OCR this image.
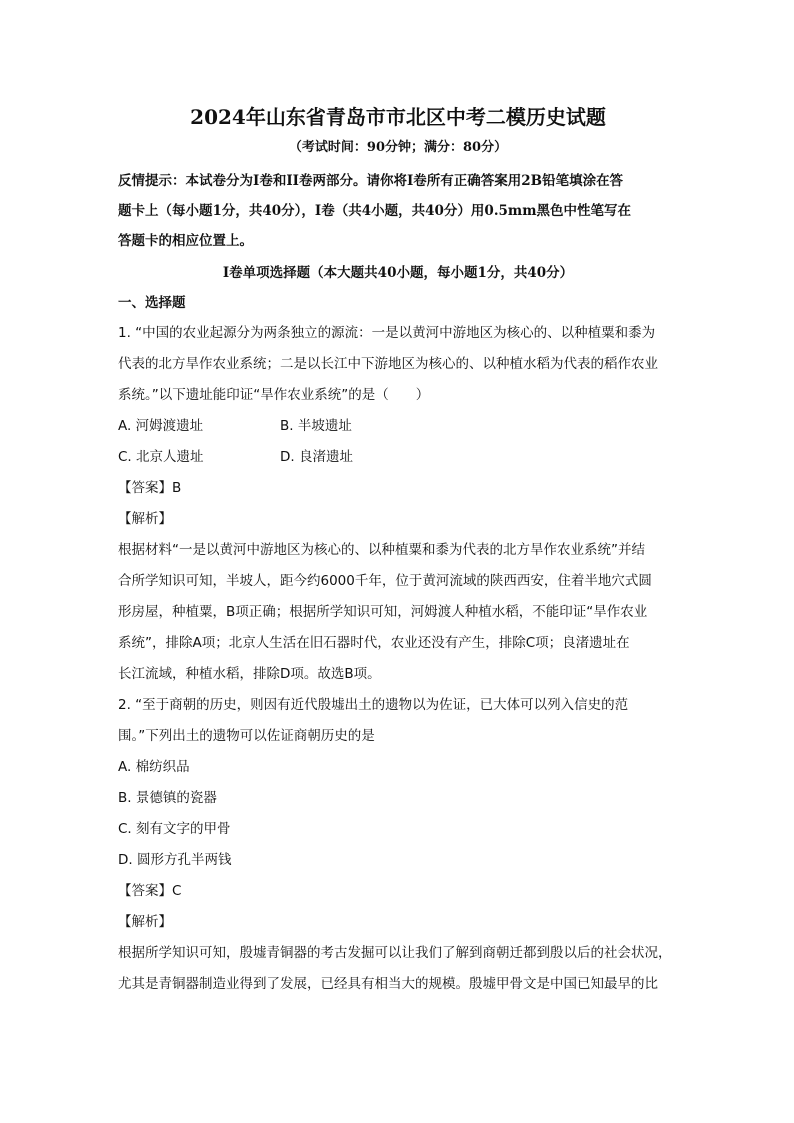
2024年山东省青岛市市北区中考二模历史试题

（考试时间：90分钟；满分：80分）

反情提示：本试卷分为Ⅰ卷和II卷两部分。请你将Ⅰ卷所有正确答案用2B铅笔填涂在答

题卡上（每小题1分，共40分），Ⅰ卷（共4小题，共40分）用0.5mm黑色中性笔写在

答题卡的相应位置上。

Ⅰ卷单项选择题（本大题共40小题，每小题1分，共40分）

一、选择题

1. “中国的农业起源分为两条独立的源流：一是以黄河中游地区为核心的、以种植粟和黍为

代表的北方旱作农业系统；二是以长江中下游地区为核心的、以种植水稻为代表的稻作农业

系统。”以下遗址能印证“旱作农业系统”的是（　　）

A. 河姆渡遗址	B. 半坡遗址
C. 北京人遗址	D. 良渚遗址

【答案】B

【解析】

根据材料“一是以黄河中游地区为核心的、以种植粟和黍为代表的北方旱作农业系统”并结

合所学知识可知，半坡人，距今约6000千年，位于黄河流域的陕西西安，住着半地穴式圆

形房屋，种植粟，B项正确；根据所学知识可知，河姆渡人种植水稻，不能印证“旱作农业

系统”，排除A项；北京人生活在旧石器时代，农业还没有产生，排除C项；良渚遗址在

长江流域，种植水稻，排除D项。故选B项。

2. “至于商朝的历史，则因有近代殷墟出土的遗物以为佐证，已大体可以列入信史的范

围。”下列出土的遗物可以佐证商朝历史的是

A. 棉纺织品

B. 景德镇的瓷器

C. 刻有文字的甲骨

D. 圆形方孔半两钱

【答案】C

【解析】

根据所学知识可知，殷墟青铜器的考古发掘可以让我们了解到商朝迁都到殷以后的社会状况，

尤其是青铜器制造业得到了发展，已经具有相当大的规模。殷墟甲骨文是中国已知最早的比
